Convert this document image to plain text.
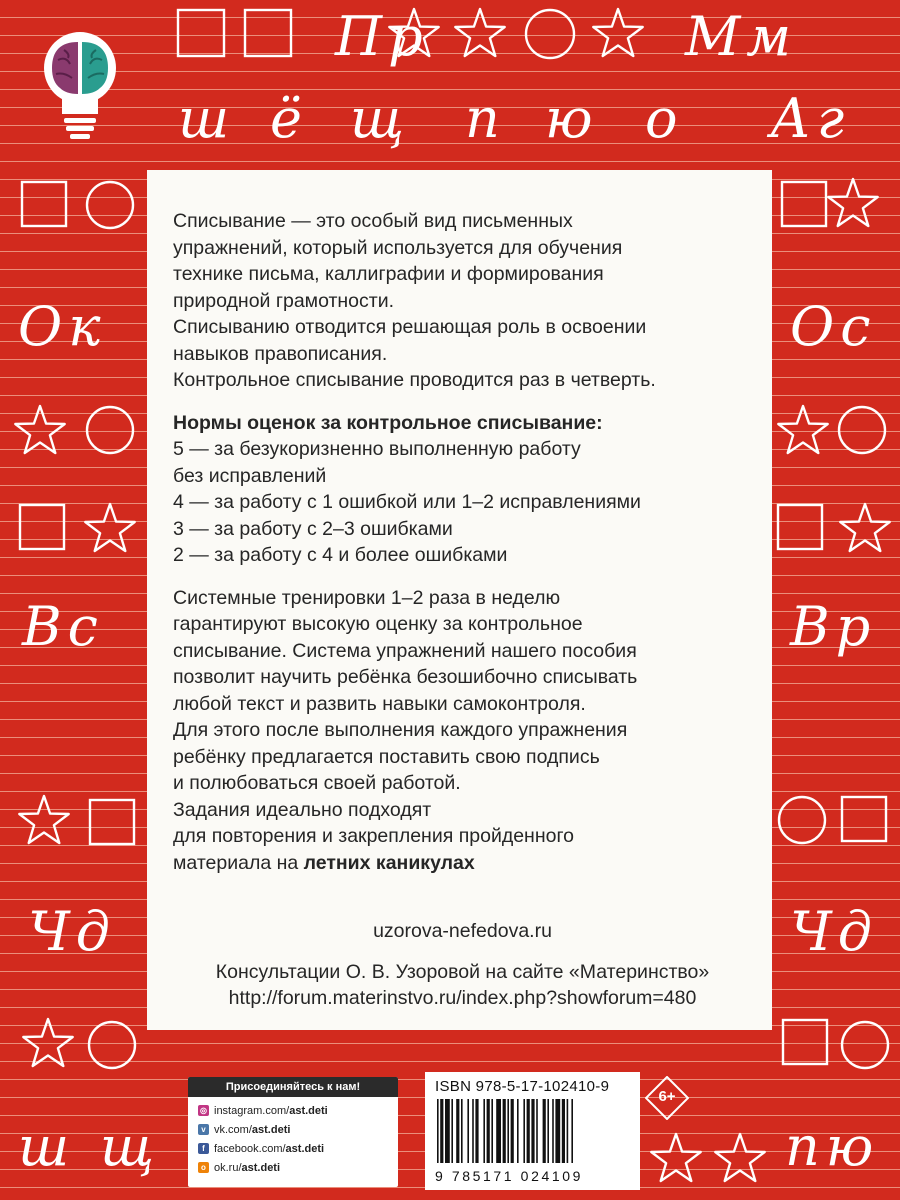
Пр	Мм
ш ё щ п ю о Аг
Ок
Вс
Чд
ш щ
Ос
Вр
Чд
пю

Списывание — это особый вид письменных

упражнений, который используется для обучения

технике письма, каллиграфии и формирования

природной грамотности.

Списыванию отводится решающая роль в освоении

навыков правописания.

Контрольное списывание проводится раз в четверть.

Нормы оценок за контрольное списывание:

5 — за безукоризненно выполненную работу

без исправлений

4 — за работу с 1 ошибкой или 1–2 исправлениями

3 — за работу с 2–3 ошибками

2 — за работу с 4 и более ошибками

Системные тренировки 1–2 раза в неделю

гарантируют высокую оценку за контрольное

списывание. Система упражнений нашего пособия

позволит научить ребёнка безошибочно списывать

любой текст и развить навыки самоконтроля.

Для этого после выполнения каждого упражнения

ребёнку предлагается поставить свою подпись

и полюбоваться своей работой.

Задания идеально подходят

для повторения и закрепления пройденного

материала на летних каникулах

uzorova-nefedova.ru

Консультации О. В. Узоровой на сайте «Материнство»

http://forum.materinstvo.ru/index.php?showforum=480

Присоединяйтесь к нам!
◎ instagram.com/ ast.deti
v vk.com/ ast.deti
f facebook.com/ ast.deti
o ok.ru/ ast.deti
ISBN 978-5-17-102410-9
9 785171 024109
6+
